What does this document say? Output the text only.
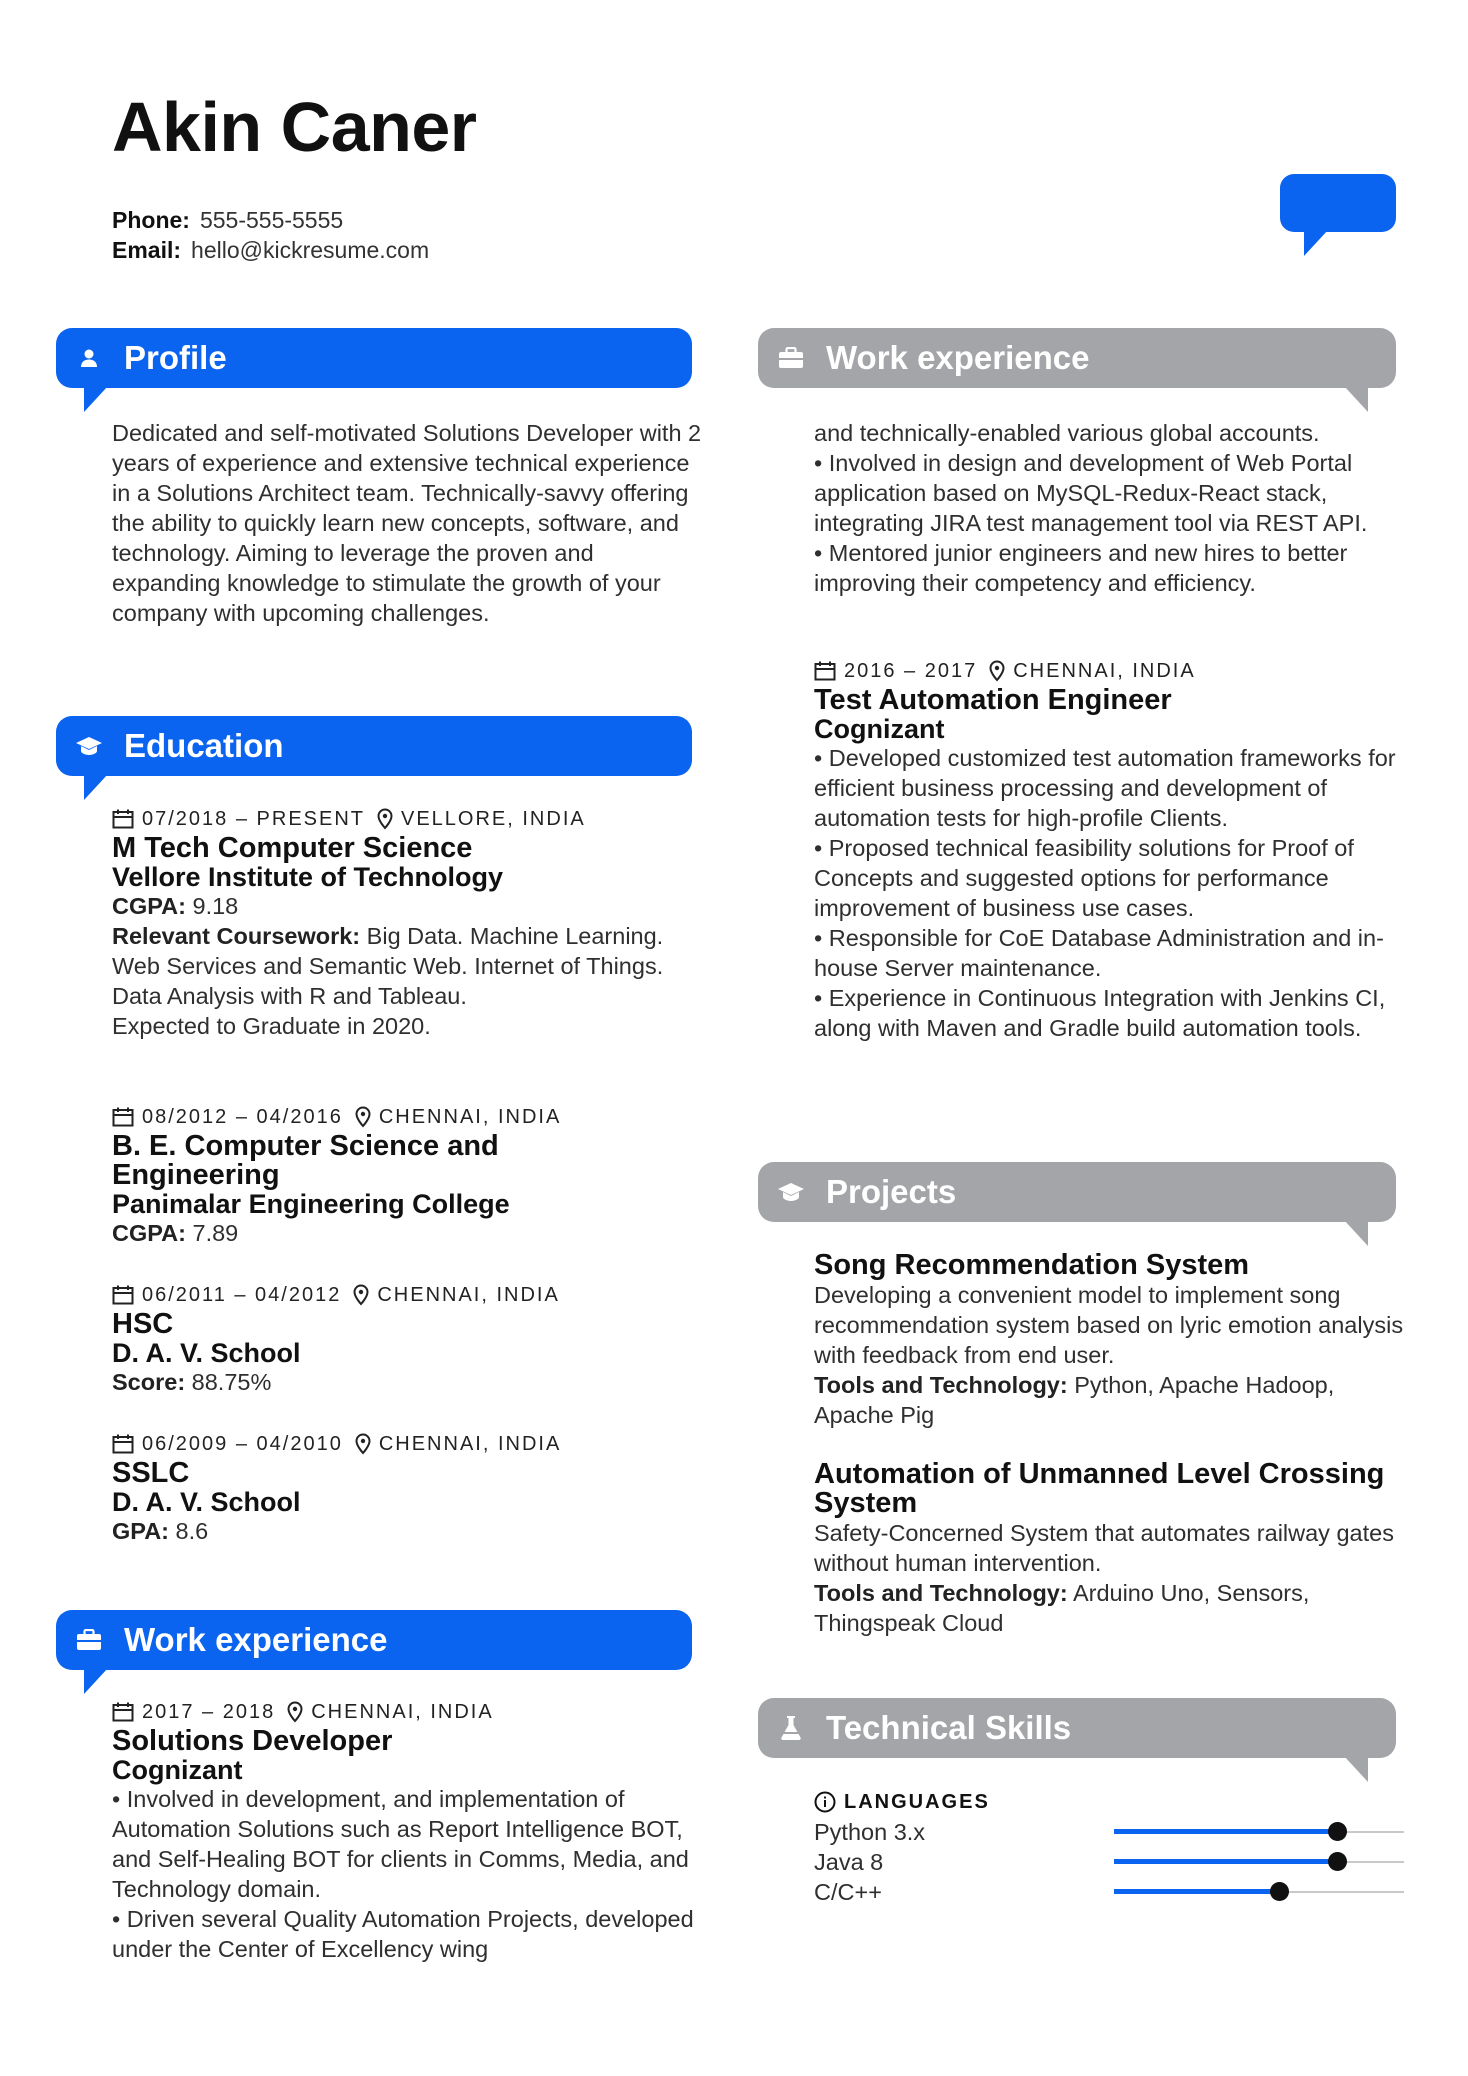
Akin Caner
Phone: 555-555-5555
Email: hello@kickresume.com
Profile
Dedicated and self-motivated Solutions Developer with 2 years of experience and extensive technical experience in a Solutions Architect team. Technically-savvy offering the ability to quickly learn new concepts, software, and technology. Aiming to leverage the proven and expanding knowledge to stimulate the growth of your company with upcoming challenges.
Education
07/2018 – PRESENT VELLORE, INDIA
M Tech Computer Science
Vellore Institute of Technology
CGPA: 9.18
Relevant Coursework: Big Data. Machine Learning. Web Services and Semantic Web. Internet of Things. Data Analysis with R and Tableau.
Expected to Graduate in 2020.
08/2012 – 04/2016 CHENNAI, INDIA
B. E. Computer Science and Engineering
Panimalar Engineering College
CGPA: 7.89
06/2011 – 04/2012 CHENNAI, INDIA
HSC
D. A. V. School
Score: 88.75%
06/2009 – 04/2010 CHENNAI, INDIA
SSLC
D. A. V. School
GPA: 8.6
Work experience
2017 – 2018 CHENNAI, INDIA
Solutions Developer
Cognizant
• Involved in development, and implementation of Automation Solutions such as Report Intelligence BOT, and Self-Healing BOT for clients in Comms, Media, and Technology domain.
• Driven several Quality Automation Projects, developed under the Center of Excellency wing
Work experience
and technically-enabled various global accounts.
• Involved in design and development of Web Portal application based on MySQL-Redux-React stack, integrating JIRA test management tool via REST API.
• Mentored junior engineers and new hires to better improving their competency and efficiency.
2016 – 2017 CHENNAI, INDIA
Test Automation Engineer
Cognizant
• Developed customized test automation frameworks for efficient business processing and development of automation tests for high-profile Clients.
• Proposed technical feasibility solutions for Proof of Concepts and suggested options for performance improvement of business use cases.
• Responsible for CoE Database Administration and in-house Server maintenance.
• Experience in Continuous Integration with Jenkins CI, along with Maven and Gradle build automation tools.
Projects
Song Recommendation System
Developing a convenient model to implement song recommendation system based on lyric emotion analysis with feedback from end user.
Tools and Technology: Python, Apache Hadoop, Apache Pig
Automation of Unmanned Level Crossing System
Safety-Concerned System that automates railway gates without human intervention.
Tools and Technology: Arduino Uno, Sensors, Thingspeak Cloud
Technical Skills
LANGUAGES
Python 3.x
Java 8
C/C++
